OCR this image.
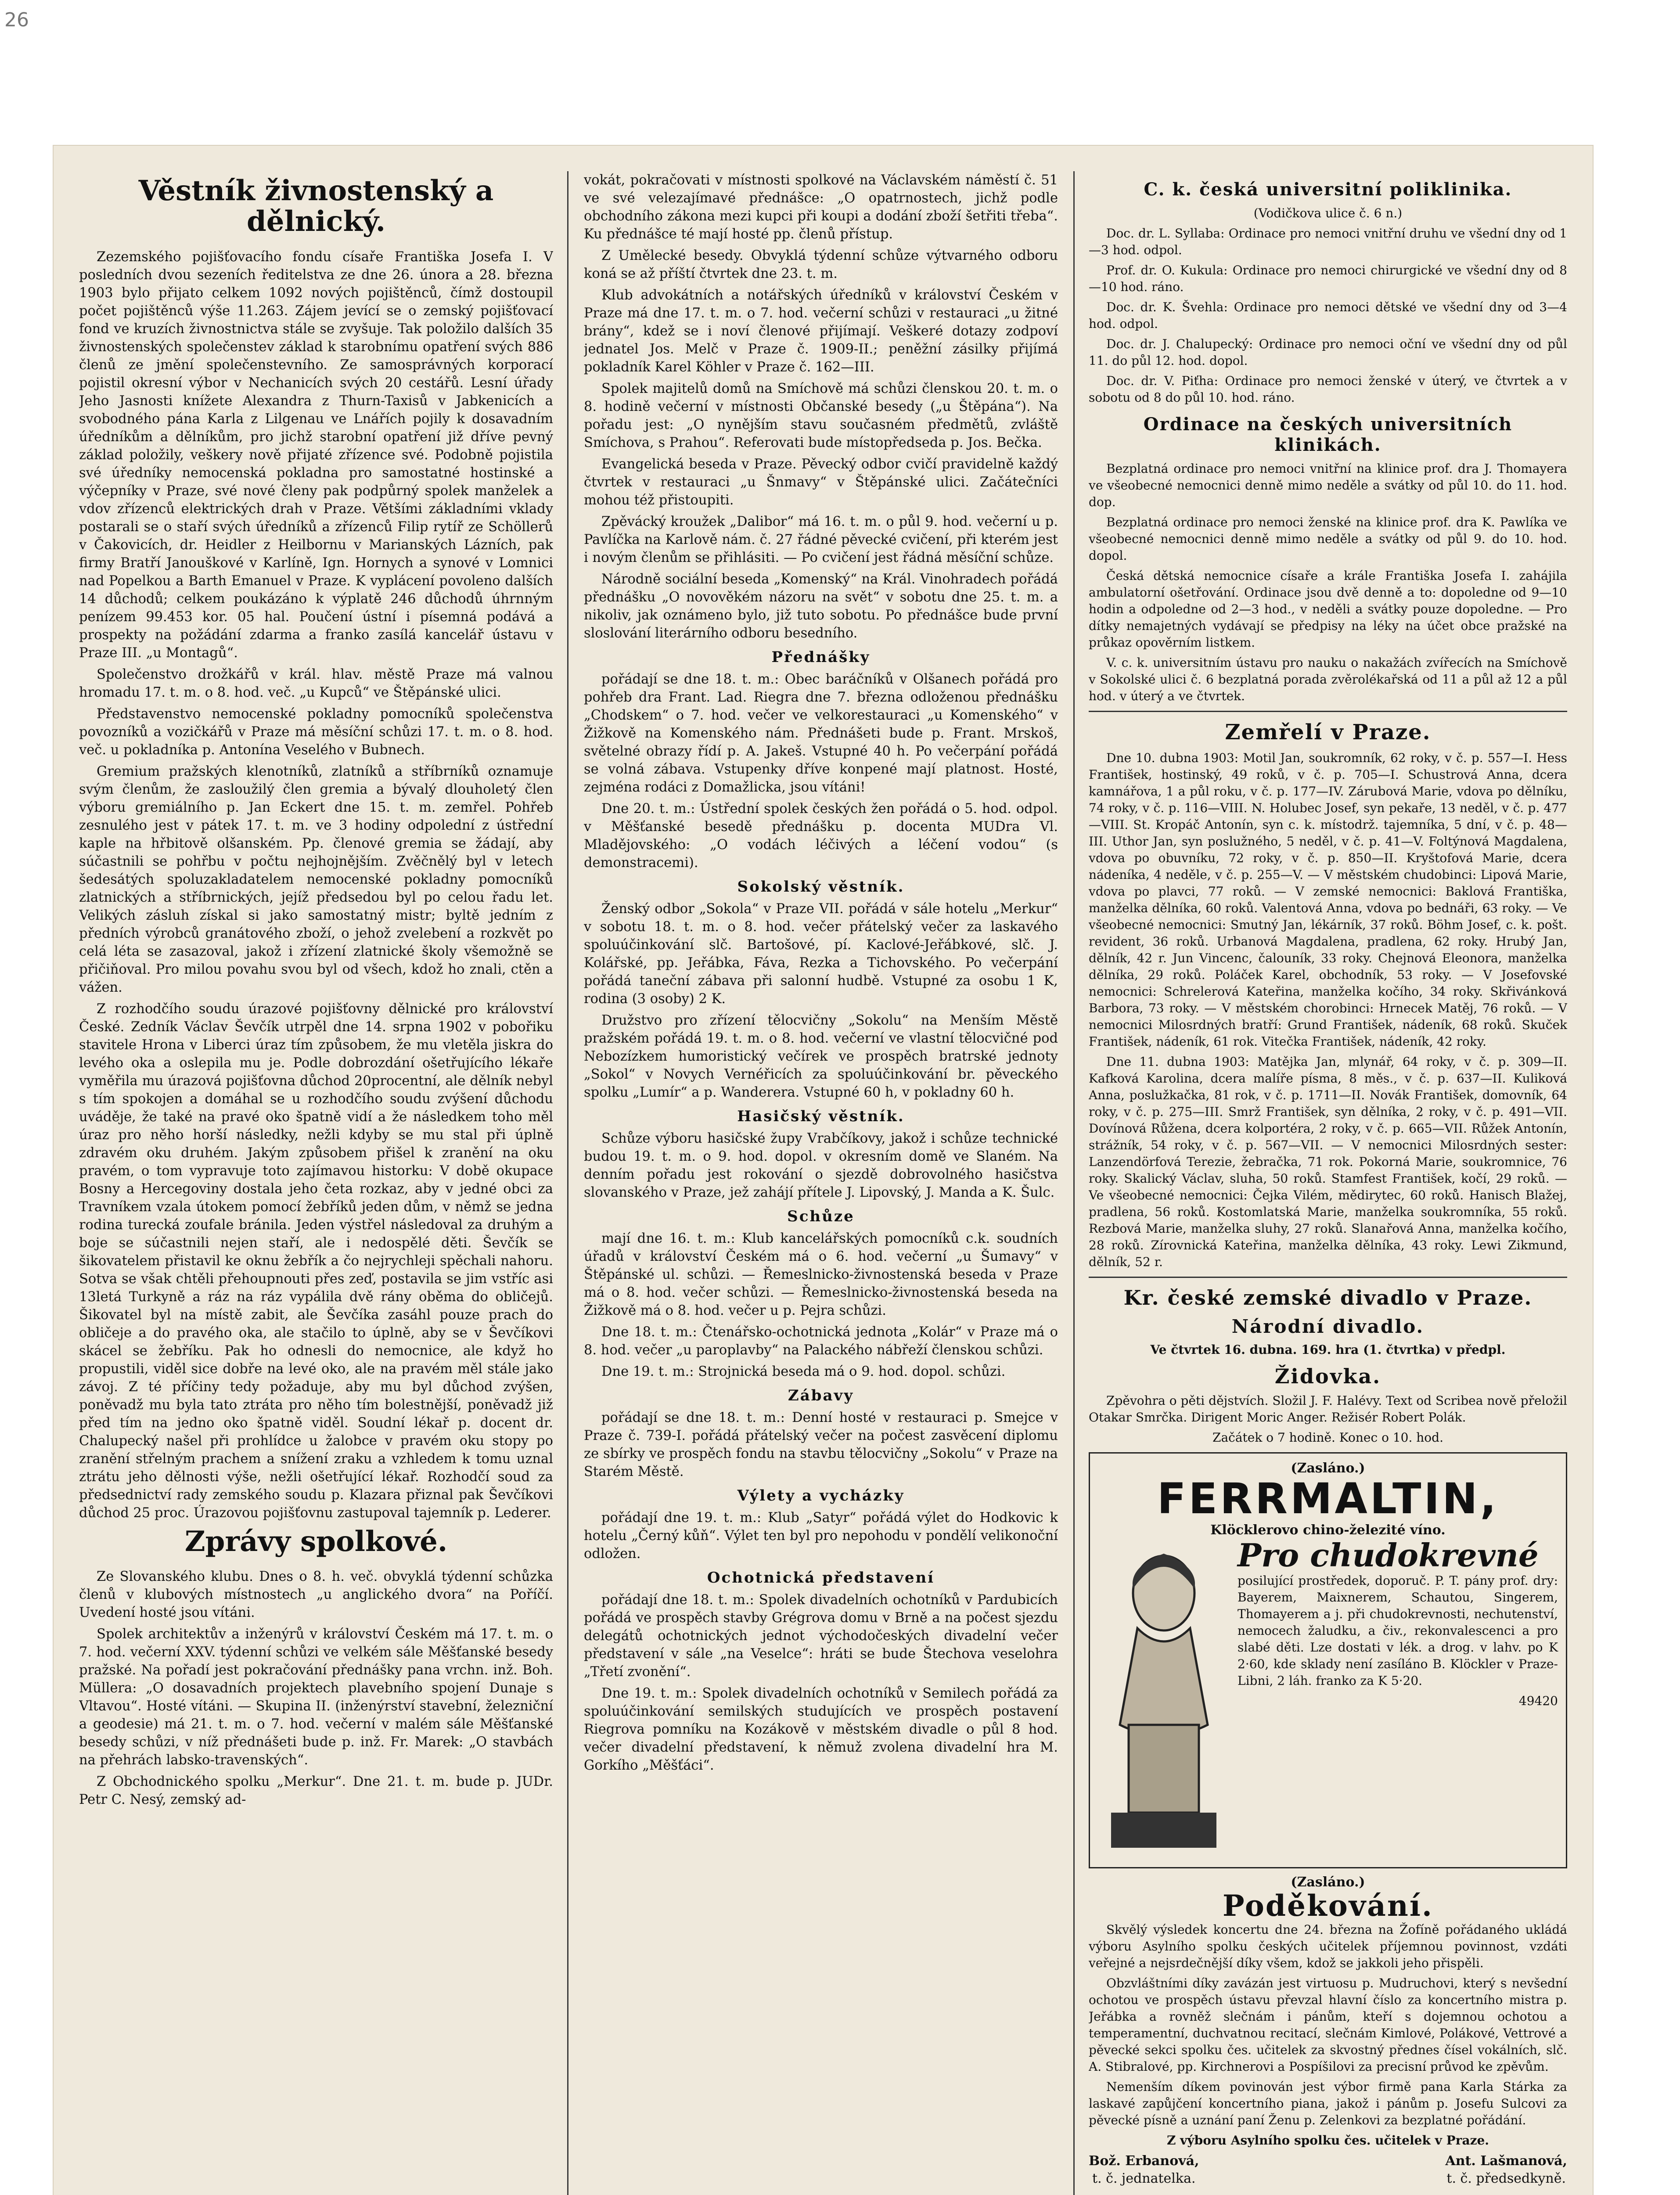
26
Věstník živnostenský a dělnický.

Zezemského pojišťovacího fondu císaře Františka Josefa I. V posledních dvou sezeních ředitelstva ze dne 26. února a 28. března 1903 bylo přijato celkem 1092 nových pojištěnců, čímž dostoupil počet pojištěnců výše 11.263. Zájem jevící se o zemský pojišťovací fond ve kruzích živnostnictva stále se zvyšuje. Tak položilo dalších 35 živnostenských společenstev základ k starobnímu opatření svých 886 členů ze jmění společenstevního. Ze samosprávných korporací pojistil okresní výbor v Nechanicích svých 20 cestářů. Lesní úřady Jeho Jasnosti knížete Alexandra z Thurn-Taxisů v Jabkenicích a svobodného pána Karla z Lilgenau ve Lnářích pojily k dosavadním úředníkům a dělníkům, pro jichž starobní opatření již dříve pevný základ položily, veškery nově přijaté zřízence své. Podobně pojistila své úředníky nemocenská pokladna pro samostatné hostinské a výčepníky v Praze, své nové členy pak podpůrný spolek manželek a vdov zřízenců elektrických drah v Praze. Většími základními vklady postarali se o staří svých úředníků a zřízenců Filip rytíř ze Schöllerů v Čakovicích, dr. Heidler z Heilbornu v Marianských Lázních, pak firmy Bratří Janouškové v Karlíně, Ign. Hornych a synové v Lomnici nad Popelkou a Barth Emanuel v Praze. K vyplácení povoleno dalších 14 důchodů; celkem poukázáno k výplatě 246 důchodů úhrnným penízem 99.453 kor. 05 hal. Poučení ústní i písemná podává a prospekty na požádání zdarma a franko zasílá kancelář ústavu v Praze III. „u Montagů“.

Společenstvo drožkářů v král. hlav. městě Praze má valnou hromadu 17. t. m. o 8. hod. več. „u Kupců“ ve Štěpánské ulici.

Představenstvo nemocenské pokladny pomocníků společenstva povozníků a vozičkářů v Praze má měsíční schůzi 17. t. m. o 8. hod. več. u pokladníka p. Antonína Veselého v Bubnech.

Gremium pražských klenotníků, zlatníků a stříbrníků oznamuje svým členům, že zasloužilý člen gremia a bývalý dlouholetý člen výboru gremiálního p. Jan Eckert dne 15. t. m. zemřel. Pohřeb zesnulého jest v pátek 17. t. m. ve 3 hodiny odpolední z ústřední kaple na hřbitově olšanském. Pp. členové gremia se žádají, aby súčastnili se pohřbu v počtu nejhojnějším. Zvěčnělý byl v letech šedesátých spoluzakladatelem nemocenské pokladny pomocníků zlatnických a stříbrnických, jejíž předsedou byl po celou řadu let. Velikých zásluh získal si jako samostatný mistr; byltě jedním z předních výrobců granátového zboží, o jehož zvelebení a rozkvět po celá léta se zasazoval, jakož i zřízení zlatnické školy všemožně se přičiňoval. Pro milou povahu svou byl od všech, kdož ho znali, ctěn a vážen.

Z rozhodčího soudu úrazové pojišťovny dělnické pro království České. Zedník Václav Ševčík utrpěl dne 14. srpna 1902 v pobořiku stavitele Hrona v Liberci úraz tím způsobem, že mu vletěla jiskra do levého oka a oslepila mu je. Podle dobrozdání ošetřujícího lékaře vyměřila mu úrazová pojišťovna důchod 20procentní, ale dělník nebyl s tím spokojen a domáhal se u rozhodčího soudu zvýšení důchodu uváděje, že také na pravé oko špatně vidí a že následkem toho měl úraz pro něho horší následky, nežli kdyby se mu stal při úplně zdravém oku druhém. Jakým způsobem přišel k zranění na oku pravém, o tom vypravuje toto zajímavou historku: V době okupace Bosny a Hercegoviny dostala jeho četa rozkaz, aby v jedné obci za Travníkem vzala útokem pomocí žebříků jeden dům, v němž se jedna rodina turecká zoufale bránila. Jeden výstřel následoval za druhým a boje se súčastnili nejen staří, ale i nedospělé děti. Ševčík se šikovatelem přistavil ke oknu žebřík a čo nejrychleji spěchali nahoru. Sotva se však chtěli přehoupnouti přes zeď, postavila se jim vstříc asi 13letá Turkyně a ráz na ráz vypálila dvě rány oběma do obličejů. Šikovatel byl na místě zabit, ale Ševčíka zasáhl pouze prach do obličeje a do pravého oka, ale stačilo to úplně, aby se v Ševčíkovi skácel se žebříku. Pak ho odnesli do nemocnice, ale když ho propustili, viděl sice dobře na levé oko, ale na pravém měl stále jako závoj. Z té příčiny tedy požaduje, aby mu byl důchod zvýšen, poněvadž mu byla tato ztráta pro něho tím bolestnější, poněvadž již před tím na jedno oko špatně viděl. Soudní lékař p. docent dr. Chalupecký našel při prohlídce u žalobce v pravém oku stopy po zranění střelným prachem a snížení zraku a vzhledem k tomu uznal ztrátu jeho dělnosti výše, nežli ošetřující lékař. Rozhodčí soud za předsednictví rady zemského soudu p. Klazara přiznal pak Ševčíkovi důchod 25 proc. Úrazovou pojišťovnu zastupoval tajemník p. Lederer.

Zprávy spolkové.

Ze Slovanského klubu. Dnes o 8. h. več. obvyklá týdenní schůzka členů v klubových místnostech „u anglického dvora“ na Poříčí. Uvedení hosté jsou vítáni.

Spolek architektův a inženýrů v království Českém má 17. t. m. o 7. hod. večerní XXV. týdenní schůzi ve velkém sále Měšťanské besedy pražské. Na pořadí jest pokračování přednášky pana vrchn. inž. Boh. Müllera: „O dosavadních projektech plavebního spojení Dunaje s Vltavou“. Hosté vítáni. — Skupina II. (inženýrství stavební, železniční a geodesie) má 21. t. m. o 7. hod. večerní v malém sále Měšťanské besedy schůzi, v níž přednášeti bude p. inž. Fr. Marek: „O stavbách na přehrách labsko-travenských“.

Z Obchodnického spolku „Merkur“. Dne 21. t. m. bude p. JUDr. Petr C. Nesý, zemský ad-

vokát, pokračovati v místnosti spolkové na Václavském náměstí č. 51 ve své velezajímavé přednášce: „O opatrnostech, jichž podle obchodního zákona mezi kupci při koupi a dodání zboží šetřiti třeba“. Ku přednášce té mají hosté pp. členů přístup.

Z Umělecké besedy. Obvyklá týdenní schůze výtvarného odboru koná se až příští čtvrtek dne 23. t. m.

Klub advokátních a notářských úředníků v království Českém v Praze má dne 17. t. m. o 7. hod. večerní schůzi v restauraci „u žitné brány“, kdež se i noví členové přijímají. Veškeré dotazy zodpoví jednatel Jos. Melč v Praze č. 1909-II.; peněžní zásilky přijímá pokladník Karel Köhler v Praze č. 162—III.

Spolek majitelů domů na Smíchově má schůzi členskou 20. t. m. o 8. hodině večerní v místnosti Občanské besedy („u Štěpána“). Na pořadu jest: „O nynějším stavu současném předmětů, zvláště Smíchova, s Prahou“. Referovati bude místopředseda p. Jos. Bečka.

Evangelická beseda v Praze. Pěvecký odbor cvičí pravidelně každý čtvrtek v restauraci „u Šnmavy“ v Štěpánské ulici. Začátečníci mohou též přistoupiti.

Zpěvácký kroužek „Dalibor“ má 16. t. m. o půl 9. hod. večerní u p. Pavlíčka na Karlově nám. č. 27 řádné pěvecké cvičení, při kterém jest i novým členům se přihlásiti. — Po cvičení jest řádná měsíční schůze.

Národně sociální beseda „Komenský“ na Král. Vinohradech pořádá přednášku „O novověkém názoru na svět“ v sobotu dne 25. t. m. a nikoliv, jak oznámeno bylo, již tuto sobotu. Po přednášce bude první sloslování literárního odboru besedního.

Přednášky

pořádají se dne 18. t. m.: Obec baráčníků v Olšanech pořádá pro pohřeb dra Frant. Lad. Riegra dne 7. března odloženou přednášku „Chodskem“ o 7. hod. večer ve velkorestauraci „u Komenského“ v Žižkově na Komenského nám. Přednášeti bude p. Frant. Mrskoš, světelné obrazy řídí p. A. Jakeš. Vstupné 40 h. Po večerpání pořádá se volná zábava. Vstupenky dříve konpené mají platnost. Hosté, zejména rodáci z Domažlicka, jsou vítáni!

Dne 20. t. m.: Ústřední spolek českých žen pořádá o 5. hod. odpol. v Měšťanské besedě přednášku p. docenta MUDra Vl. Mladějovského: „O vodách léčivých a léčení vodou“ (s demonstracemi).

Sokolský věstník.

Ženský odbor „Sokola“ v Praze VII. pořádá v sále hotelu „Merkur“ v sobotu 18. t. m. o 8. hod. večer přátelský večer za laskavého spoluúčinkování slč. Bartošové, pí. Kaclové-Jeřábkové, slč. J. Kolářské, pp. Jeřábka, Fáva, Rezka a Tichovského. Po večerpání pořádá taneční zábava při salonní hudbě. Vstupné za osobu 1 K, rodina (3 osoby) 2 K.

Družstvo pro zřízení tělocvičny „Sokolu“ na Menším Městě pražském pořádá 19. t. m. o 8. hod. večerní ve vlastní tělocvičné pod Nebozízkem humoristický večírek ve prospěch bratrské jednoty „Sokol“ v Novych Vernéřicích za spoluúčinkování br. pěveckého spolku „Lumír“ a p. Wanderera. Vstupné 60 h, v pokladny 60 h.

Hasičský věstník.

Schůze výboru hasičské župy Vrabčíkovy, jakož i schůze technické budou 19. t. m. o 9. hod. dopol. v okresním domě ve Slaném. Na denním pořadu jest rokování o sjezdě dobrovolného hasičstva slovanského v Praze, jež zahájí přítele J. Lipovský, J. Manda a K. Šulc.

Schůze

mají dne 16. t. m.: Klub kancelářských pomocníků c.k. soudních úřadů v království Českém má o 6. hod. večerní „u Šumavy“ v Štěpánské ul. schůzi. — Řemeslnicko-živnostenská beseda v Praze má o 8. hod. večer schůzi. — Řemeslnicko-živnostenská beseda na Žižkově má o 8. hod. večer u p. Pejra schůzi.

Dne 18. t. m.: Čtenářsko-ochotnická jednota „Kolár“ v Praze má o 8. hod. večer „u paroplavby“ na Palackého nábřeží členskou schůzi.

Dne 19. t. m.: Strojnická beseda má o 9. hod. dopol. schůzi.

Zábavy

pořádají se dne 18. t. m.: Denní hosté v restauraci p. Smejce v Praze č. 739-I. pořádá přátelský večer na počest zasvěcení diplomu ze sbírky ve prospěch fondu na stavbu tělocvičny „Sokolu“ v Praze na Starém Městě.

Výlety a vycházky

pořádají dne 19. t. m.: Klub „Satyr“ pořádá výlet do Hodkovic k hotelu „Černý kůň“. Výlet ten byl pro nepohodu v pondělí velikonoční odložen.

Ochotnická představení

pořádají dne 18. t. m.: Spolek divadelních ochotníků v Pardubicích pořádá ve prospěch stavby Grégrova domu v Brně a na počest sjezdu delegátů ochotnických jednot východočeských divadelní večer představení v sále „na Veselce“: hráti se bude Štechova veselohra „Třetí zvonění“.

Dne 19. t. m.: Spolek divadelních ochotníků v Semilech pořádá za spoluúčinkování semilských studujících ve prospěch postavení Riegrova pomníku na Kozákově v městském divadle o půl 8 hod. večer divadelní představení, k němuž zvolena divadelní hra M. Gorkího „Měšťáci“.

C. k. česká universitní poliklinika.

(Vodičkova ulice č. 6 n.)

Doc. dr. L. Syllaba: Ordinace pro nemoci vnitřní druhu ve všední dny od 1—3 hod. odpol.

Prof. dr. O. Kukula: Ordinace pro nemoci chirurgické ve všední dny od 8—10 hod. ráno.

Doc. dr. K. Švehla: Ordinace pro nemoci dětské ve všední dny od 3—4 hod. odpol.

Doc. dr. J. Chalupecký: Ordinace pro nemoci oční ve všední dny od půl 11. do půl 12. hod. dopol.

Doc. dr. V. Piťha: Ordinace pro nemoci ženské v úterý, ve čtvrtek a v sobotu od 8 do půl 10. hod. ráno.

Ordinace na českých universitních klinikách.

Bezplatná ordinace pro nemoci vnitřní na klinice prof. dra J. Thomayera ve všeobecné nemocnici denně mimo neděle a svátky od půl 10. do 11. hod. dop.

Bezplatná ordinace pro nemoci ženské na klinice prof. dra K. Pawlíka ve všeobecné nemocnici denně mimo neděle a svátky od půl 9. do 10. hod. dopol.

Česká dětská nemocnice císaře a krále Františka Josefa I. zahájila ambulatorní ošetřování. Ordinace jsou dvě denně a to: dopoledne od 9—10 hodin a odpoledne od 2—3 hod., v neděli a svátky pouze dopoledne. — Pro dítky nemajetných vydávají se předpisy na léky na účet obce pražské na průkaz opověrním listkem.

V. c. k. universitním ústavu pro nauku o nakažách zvířecích na Smíchově v Sokolské ulici č. 6 bezplatná porada zvěrolékařská od 11 a půl až 12 a půl hod. v úterý a ve čtvrtek.

Zemřelí v Praze.

Dne 10. dubna 1903: Motil Jan, soukromník, 62 roky, v č. p. 557—I. Hess František, hostinský, 49 roků, v č. p. 705—I. Schustrová Anna, dcera kamnářova, 1 a půl roku, v č. p. 177—IV. Zárubová Marie, vdova po dělníku, 74 roky, v č. p. 116—VIII. N. Holubec Josef, syn pekaře, 13 neděl, v č. p. 477—VIII. St. Kropáč Antonín, syn c. k. místodrž. tajemníka, 5 dní, v č. p. 48—III. Uthor Jan, syn poslužného, 5 neděl, v č. p. 41—V. Foltýnová Magdalena, vdova po obuvníku, 72 roky, v č. p. 850—II. Kryštofová Marie, dcera nádeníka, 4 neděle, v č. p. 255—V. — V městském chudobinci: Lipová Marie, vdova po plavci, 77 roků. — V zemské nemocnici: Baklová Františka, manželka dělníka, 60 roků. Valentová Anna, vdova po bednáři, 63 roky. — Ve všeobecné nemocnici: Smutný Jan, lékárník, 37 roků. Böhm Josef, c. k. pošt. revident, 36 roků. Urbanová Magdalena, pradlena, 62 roky. Hrubý Jan, dělník, 42 r. Jun Vincenc, čalouník, 33 roky. Chejnová Eleonora, manželka dělníka, 29 roků. Poláček Karel, obchodník, 53 roky. — V Josefovské nemocnici: Schrelerová Kateřina, manželka kočího, 34 roky. Skřivánková Barbora, 73 roky. — V městském chorobinci: Hrnecek Matěj, 76 roků. — V nemocnici Milosrdných bratří: Grund František, nádeník, 68 roků. Skuček František, nádeník, 61 rok. Vitečka František, nádeník, 42 roky.

Dne 11. dubna 1903: Matějka Jan, mlynář, 64 roky, v č. p. 309—II. Kafková Karolina, dcera malíře písma, 8 měs., v č. p. 637—II. Kuliková Anna, poslužkačka, 81 rok, v č. p. 1711—II. Novák František, domovník, 64 roky, v č. p. 275—III. Smrž František, syn dělníka, 2 roky, v č. p. 491—VII. Dovínová Růžena, dcera kolportéra, 2 roky, v č. p. 665—VII. Růžek Antonín, strážník, 54 roky, v č. p. 567—VII. — V nemocnici Milosrdných sester: Lanzendörfová Terezie, žebračka, 71 rok. Pokorná Marie, soukromnice, 76 roky. Skalický Václav, sluha, 50 roků. Stamfest František, kočí, 29 roků. — Ve všeobecné nemocnici: Čejka Vilém, mědirytec, 60 roků. Hanisch Blažej, pradlena, 56 roků. Kostomlatská Marie, manželka soukromníka, 55 roků. Rezbová Marie, manželka sluhy, 27 roků. Slanařová Anna, manželka kočího, 28 roků. Zírovnická Kateřina, manželka dělníka, 43 roky. Lewi Zikmund, dělník, 52 r.

Kr. české zemské divadlo v Praze.
Národní divadlo.

Ve čtvrtek 16. dubna. 169. hra (1. čtvrtka) v předpl.

Židovka.

Zpěvohra o pěti dějstvích. Složil J. F. Halévy. Text od Scribea nově přeložil Otakar Smrčka. Dirigent Moric Anger. Režisér Robert Polák.

Začátek o 7 hodině. Konec o 10. hod.

(Zasláno.)
FERRMALTIN,
Klöcklerovo chino-železité víno.
Pro chudokrevné

posilující prostředek, doporuč. P. T. pány prof. dry: Bayerem, Maixnerem, Schautou, Singerem, Thomayerem a j. při chudokrevnosti, nechutenství, nemocech žaludku, a čiv., rekonvalescenci a pro slabé děti. Lze dostati v lék. a drog. v lahv. po K 2·60, kde sklady není zasíláno B. Klöckler v Praze-Libni, 2 láh. franko za K 5·20.

49420

(Zasláno.)
Poděkování.

Skvělý výsledek koncertu dne 24. března na Žofíně pořádaného ukládá výboru Asylního spolku českých učitelek příjemnou povinnost, vzdáti veřejné a nejsrdečnější díky všem, kdož se jakkoli jeho přispěli.

Obzvláštními díky zavázán jest virtuosu p. Mudruchovi, který s nevšední ochotou ve prospěch ústavu převzal hlavní číslo za koncertního mistra p. Jeřábka a rovněž slečnám i pánům, kteří s dojemnou ochotou a temperamentní, duchvatnou recitací, slečnám Kimlové, Polákové, Vettrové a pěvecké sekci spolku čes. učitelek za skvostný přednes čísel vokálních, slč. A. Stibralové, pp. Kirchnerovi a Pospíšilovi za precisní průvod ke zpěvům.

Nemenším díkem povinován jest výbor firmě pana Karla Stárka za laskavé zapůjčení koncertního piana, jakož i pánům p. Josefu Sulcovi za pěvecké písně a uznání paní Ženu p. Zelenkovi za bezplatné pořádání.

Z výboru Asylního spolku čes. učitelek v Praze.

Bož. Erbanová,
t. č. jednatelka.
Ant. Lašmanová,
t. č. předsedkyně.
